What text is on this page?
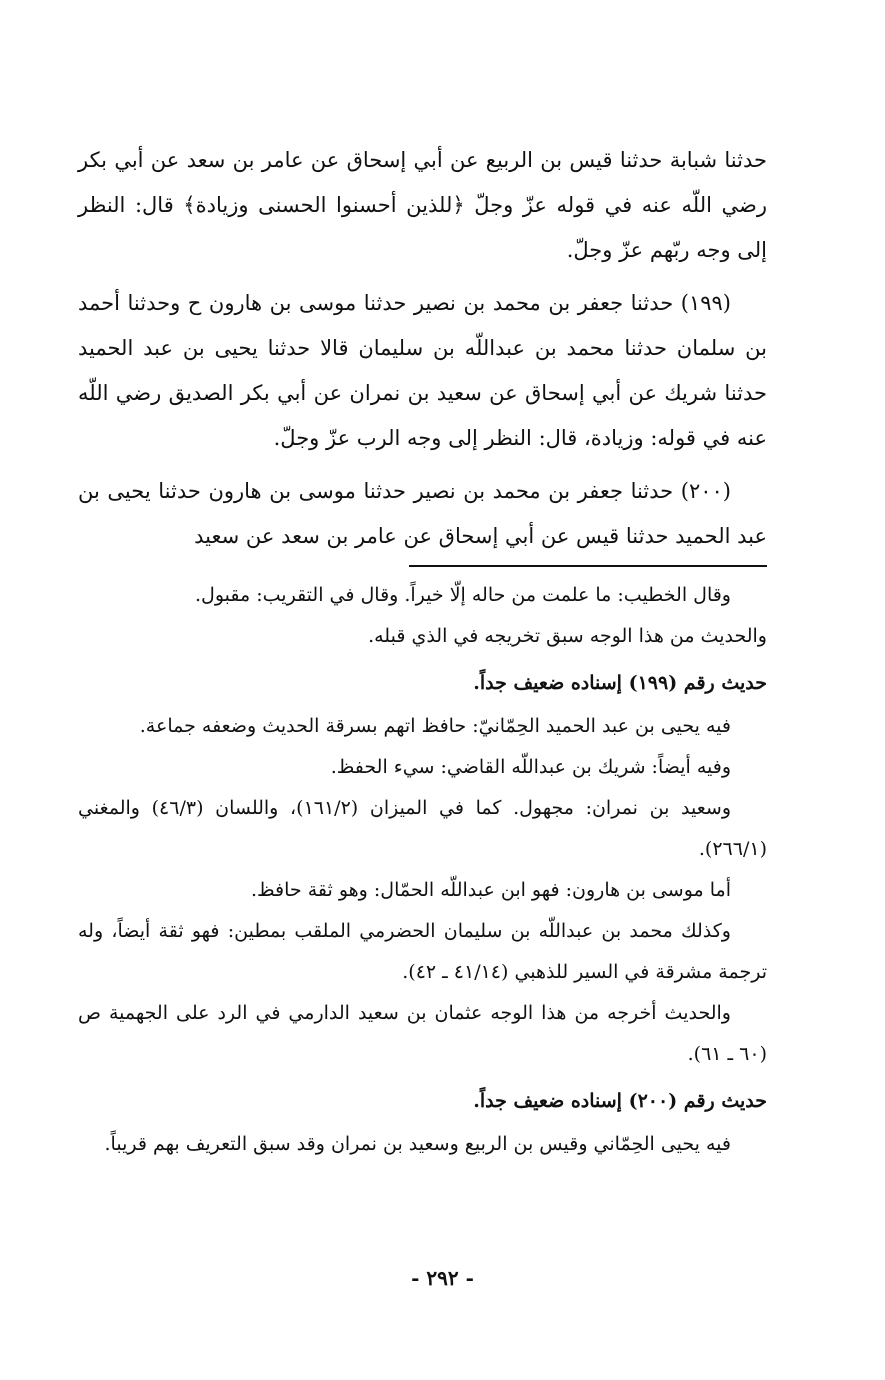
حدثنا شبابة حدثنا قيس بن الربيع عن أبي إسحاق عن عامر بن سعد عن أبي بكر رضي اللّه عنه في قوله عزّ وجلّ ﴿للذين أحسنوا الحسنى وزيادة﴾ قال: النظر إلى وجه ربّهم عزّ وجلّ.

(١٩٩) حدثنا جعفر بن محمد بن نصير حدثنا موسى بن هارون ح وحدثنا أحمد بن سلمان حدثنا محمد بن عبداللّه بن سليمان قالا حدثنا يحيى بن عبد الحميد حدثنا شريك عن أبي إسحاق عن سعيد بن نمران عن أبي بكر الصديق رضي اللّه عنه في قوله: وزيادة، قال: النظر إلى وجه الرب عزّ وجلّ.

(٢٠٠) حدثنا جعفر بن محمد بن نصير حدثنا موسى بن هارون حدثنا يحيى بن عبد الحميد حدثنا قيس عن أبي إسحاق عن عامر بن سعد عن سعيد

وقال الخطيب: ما علمت من حاله إلّا خيراً. وقال في التقريب: مقبول.

والحديث من هذا الوجه سبق تخريجه في الذي قبله.

حديث رقم (١٩٩) إسناده ضعيف جداً.

فيه يحيى بن عبد الحميد الحِمّانيّ: حافظ اتهم بسرقة الحديث وضعفه جماعة.

وفيه أيضاً: شريك بن عبداللّه القاضي: سيء الحفظ.

وسعيد بن نمران: مجهول. كما في الميزان (١٦١/٢)، واللسان (٤٦/٣) والمغني (٢٦٦/١).

أما موسى بن هارون: فهو ابن عبداللّه الحمّال: وهو ثقة حافظ.

وكذلك محمد بن عبداللّه بن سليمان الحضرمي الملقب بمطين: فهو ثقة أيضاً، وله ترجمة مشرقة في السير للذهبي (٤١/١٤ ـ ٤٢).

والحديث أخرجه من هذا الوجه عثمان بن سعيد الدارمي في الرد على الجهمية ص (٦٠ ـ ٦١).

حديث رقم (٢٠٠) إسناده ضعيف جداً.

فيه يحيى الحِمّاني وقيس بن الربيع وسعيد بن نمران وقد سبق التعريف بهم قريباً.

- ٢٩٢ -
